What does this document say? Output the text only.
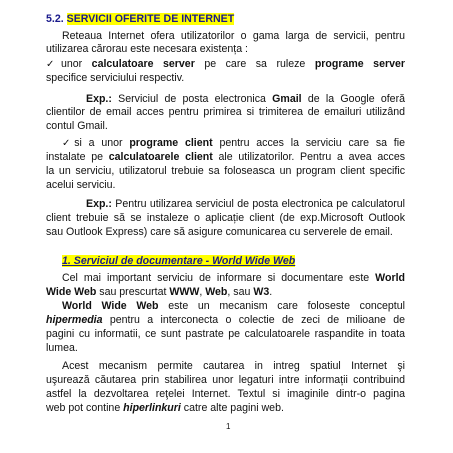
5.2. SERVICII OFERITE DE INTERNET
Reteaua Internet ofera utilizatorilor o gama larga de servicii, pentru
utilizarea cărorau este necesara existența :
✓unor calculatoare server pe care sa ruleze programe server
specifice serviciului respectiv.
Exp.: Serviciul de posta electronica Gmail de la Google oferă
clientilor de email acces pentru primirea si trimiterea de emailuri utilizând
contul Gmail.
✓si a unor programe client pentru acces la serviciu care sa fie
instalate pe calculatoarele client ale utilizatorilor. Pentru a avea acces
la un serviciu, utilizatorul trebuie sa foloseasca un program client specific
acelui serviciu.
Exp.: Pentru utilizarea serviciul de posta electronica pe calculatorul
client trebuie să se instaleze o aplicație client (de exp.Microsoft Outlook
sau Outlook Express) care să asigure comunicarea cu serverele de email.
1. Serviciul de documentare - World Wide Web
Cel mai important serviciu de informare si documentare este World
Wide Web sau prescurtat WWW, Web, sau W3.
World Wide Web este un mecanism care foloseste conceptul
hipermedia pentru a interconecta o colectie de zeci de milioane de
pagini cu informatii, ce sunt pastrate pe calculatoarele raspandite in toata
lumea.
Acest mecanism permite cautarea in intreg spatiul Internet şi
uşurează căutarea prin stabilirea unor legaturi intre informații contribuind
astfel la dezvoltarea reţelei Internet. Textul si imaginile dintr-o pagina
web pot contine hiperlinkuri catre alte pagini web.
1
